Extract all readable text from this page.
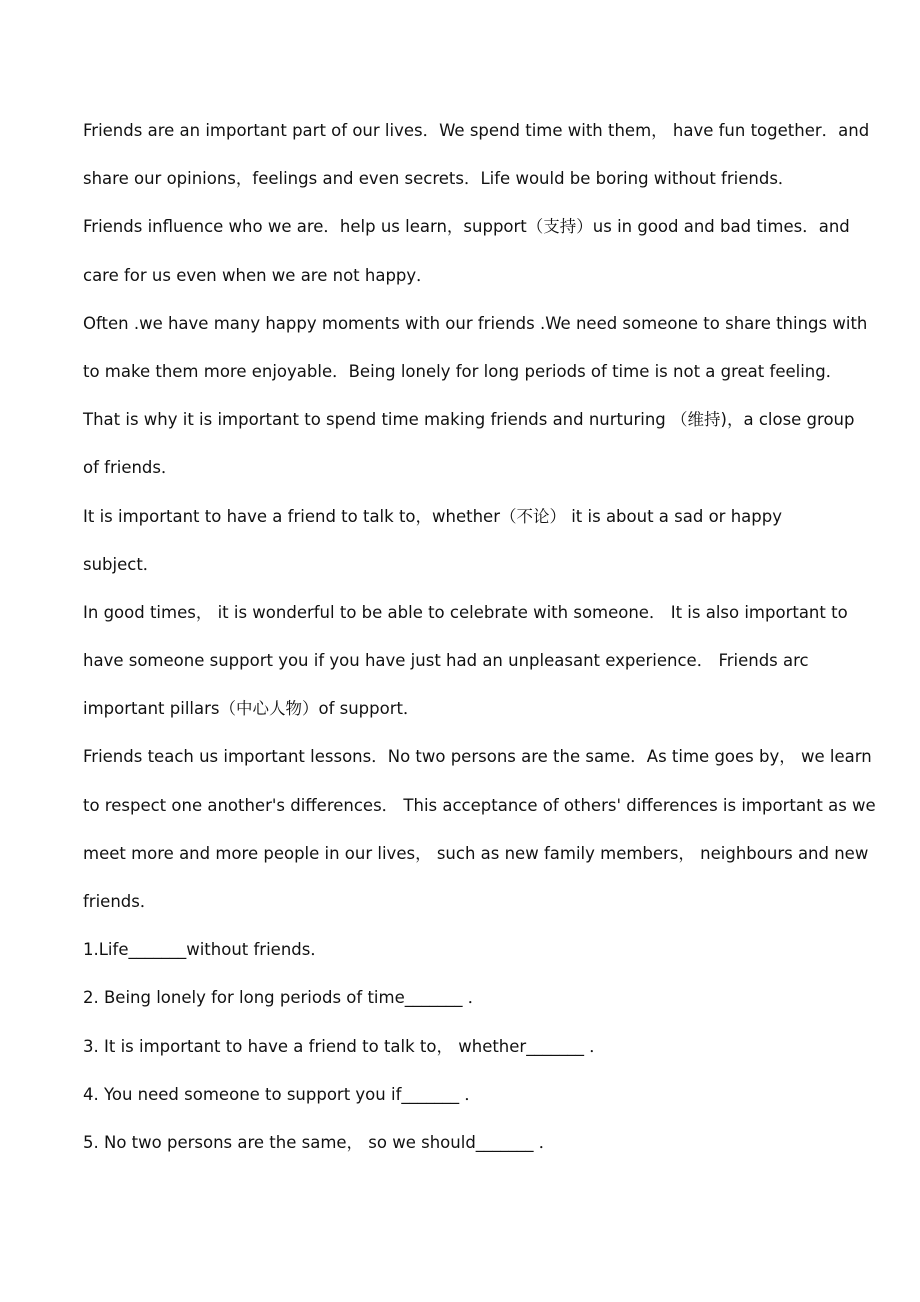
Friends are an important part of our lives．We spend time with them， have fun together．and
share our opinions，feelings and even secrets．Life would be boring without friends．
Friends influence who we are．help us learn，support（支持）us in good and bad times．and
care for us even when we are not happy．
Often .we have many happy moments with our friends .We need someone to share things with
to make them more enjoyable．Being lonely for long periods of time is not a great feeling．
That is why it is important to spend time making friends and nurturing （维持)，a close group
of friends．
It is important to have a friend to talk to，whether（不论） it is about a sad or happy
subject．
In good times， it is wonderful to be able to celebrate with someone． It is also important to
have someone support you if you have just had an unpleasant experience． Friends arc
important pillars（中心人物）of support．
Friends teach us important lessons．No two persons are the same．As time goes by， we learn
to respect one another's differences． This acceptance of others' differences is important as we
meet more and more people in our lives， such as new family members， neighbours and new
friends．
1.Life_______without friends．
2. Being lonely for long periods of time_______ ．
3. It is important to have a friend to talk to， whether_______ ．
4. You need someone to support you if_______ ．
5. No two persons are the same， so we should_______ ．
